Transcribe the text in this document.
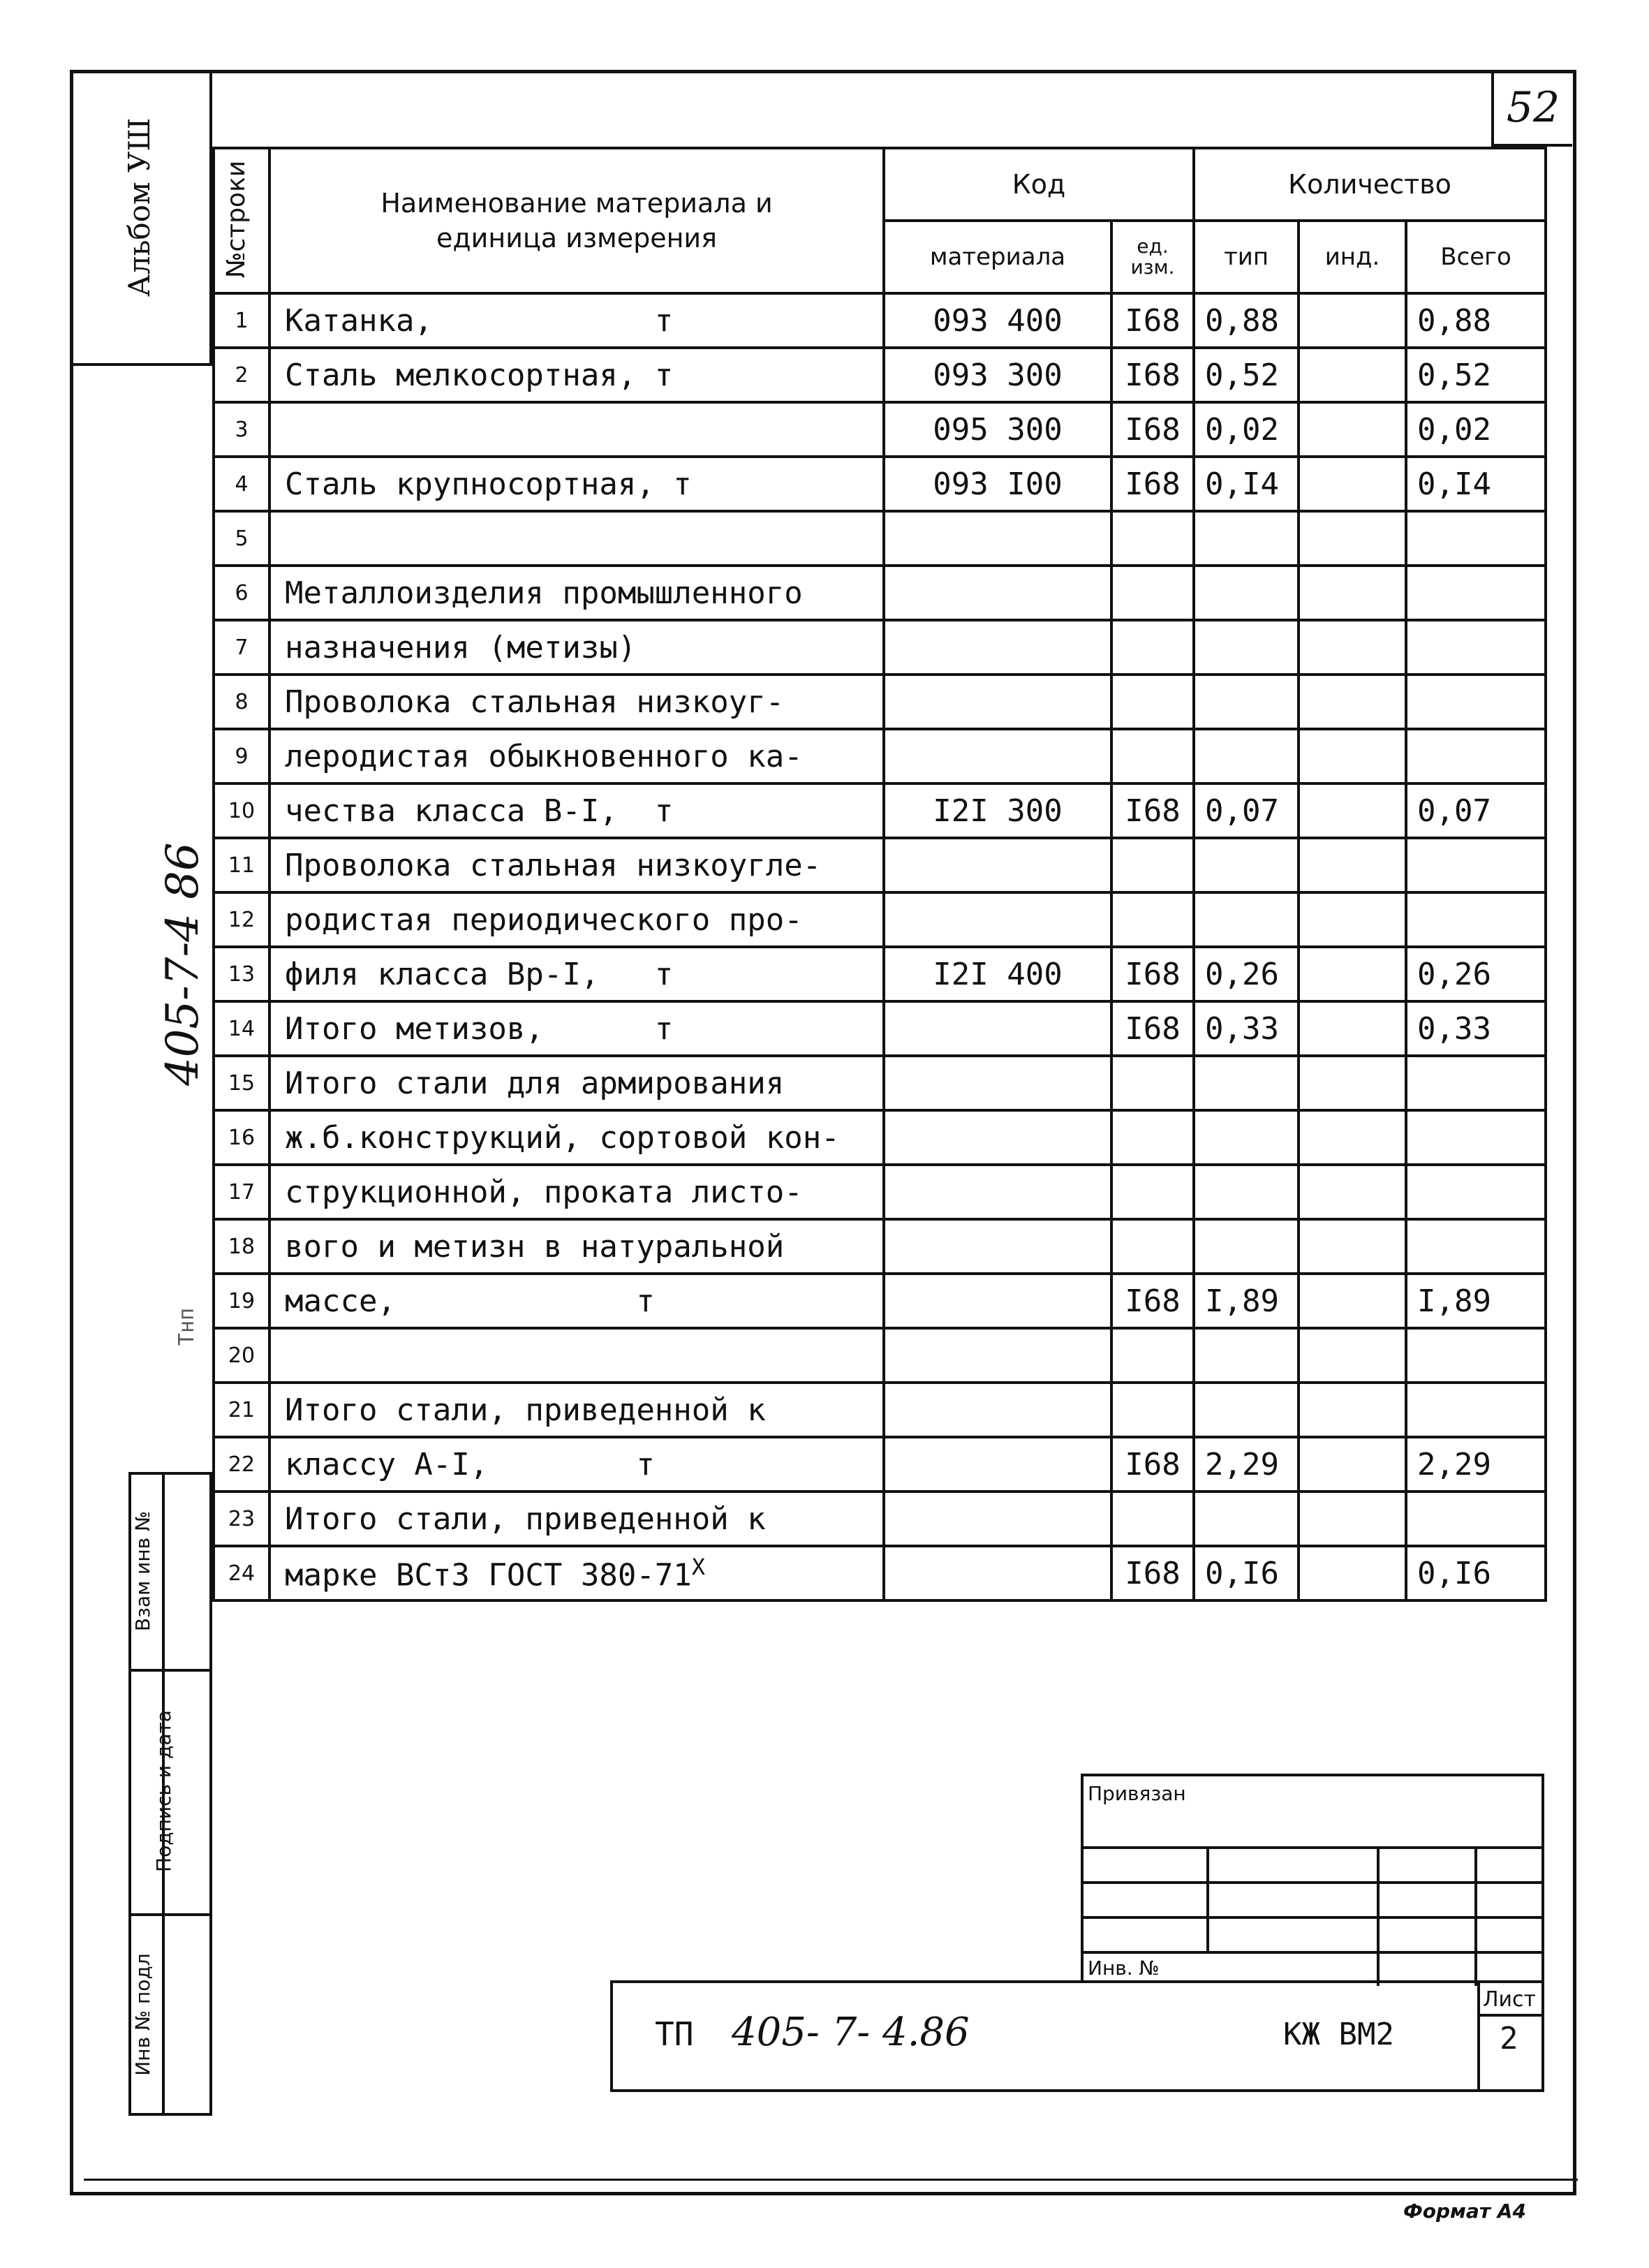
52
Альбом УШ
405-7-4 86
Тнп
	Наименование материала и единица измерения	Код		Количество		
		материала	ед. изм.	тип	инд.	Всего
1	Катанка,            т	093 400	I68	0,88		0,88
2	Сталь мелкосортная, т	093 300	I68	0,52		0,52
3		095 300	I68	0,02		0,02
4	Сталь крупносортная, т	093 I00	I68	0,I4		0,I4
5						
6	Металлоизделия промышленного					
7	назначения (метизы)					
8	Проволока стальная низкоуг-					
9	леродистая обыкновенного ка-					
10	чества класса В-I,  т	I2I 300	I68	0,07		0,07
11	Проволока стальная низкоугле-					
12	родистая периодического про-					
13	филя класса Вр-I,   т	I2I 400	I68	0,26		0,26
14	Итого метизов,      т		I68	0,33		0,33
15	Итого стали для армирования					
16	ж.б.конструкций, сортовой кон-					
17	струкционной, проката листо-					
18	вого и метизн в натуральной					
19	массе,             т		I68	I,89		I,89
20						
21	Итого стали, приведенной к					
22	классу А-I,        т		I68	2,29		2,29
23	Итого стали, приведенной к					
24	марке ВСт3 ГОСТ $380-71^X$		I68	0,I6		0,I6
№строки
Взам инв №
Подпись и дата
Инв № подл
Привязан
Инв. №
ТП 405- 7- 4.86	КЖ ВМ2
Лист
2
Формат А4
